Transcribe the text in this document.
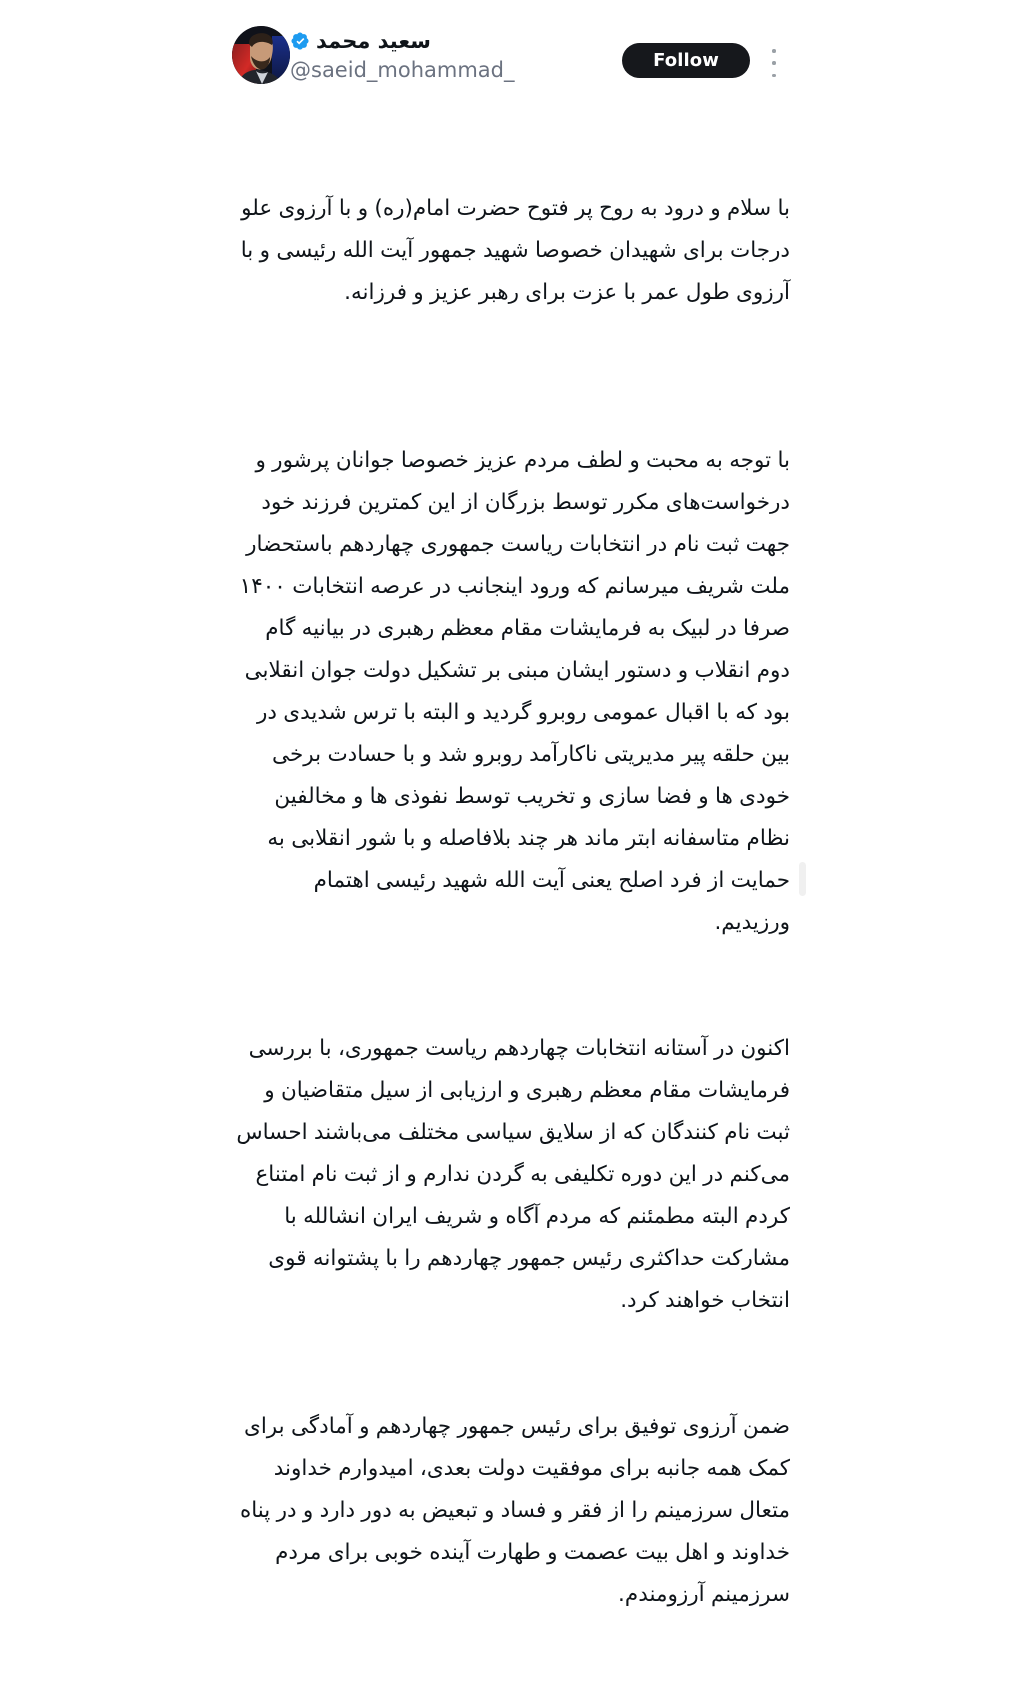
سعید محمد
@saeid_mohammad_	Follow

با سلام و درود به روح پر فتوح حضرت امام(ره) و با آرزوی علو درجات برای شهیدان خصوصا شهید جمهور آیت الله رئیسی و با آرزوی طول عمر با عزت برای رهبر عزیز و فرزانه.

با توجه به محبت و لطف مردم عزیز خصوصا جوانان پرشور و درخواست‌های مکرر توسط بزرگان از این کمترین فرزند خود جهت ثبت نام در انتخابات ریاست جمهوری چهاردهم باستحضار ملت شریف میرسانم که ورود اینجانب در عرصه انتخابات ۱۴۰۰ صرفا در لبیک به فرمایشات مقام معظم رهبری در بیانیه گام دوم انقلاب و دستور ایشان مبنی بر تشکیل دولت جوان انقلابی بود که با اقبال عمومی روبرو گردید و البته با ترس شدیدی در بین حلقه پیر مدیریتی ناکارآمد روبرو شد و با حسادت برخی خودی ها و فضا سازی و تخریب توسط نفوذی ها و مخالفین نظام متاسفانه ابتر ماند هر چند بلافاصله و با شور انقلابی به حمایت از فرد اصلح یعنی آیت الله شهید رئیسی اهتمام ورزیدیم.

اکنون در آستانه انتخابات چهاردهم ریاست جمهوری، با بررسی فرمایشات مقام معظم رهبری و ارزیابی از سیل متقاضیان و ثبت نام کنندگان که از سلایق سیاسی مختلف می‌باشند احساس می‌کنم در این دوره تکلیفی به گردن ندارم و از ثبت نام امتناع کردم البته مطمئنم که مردم آگاه و شریف ایران انشالله با مشارکت حداکثری رئیس جمهور چهاردهم را با پشتوانه قوی انتخاب خواهند کرد.

ضمن آرزوی توفیق برای رئیس جمهور چهاردهم و آمادگی برای کمک همه جانبه برای موفقیت دولت بعدی، امیدوارم خداوند متعال سرزمینم را از فقر و فساد و تبعیض به دور دارد و در پناه خداوند و اهل بیت عصمت و طهارت آینده خوبی برای مردم سرزمینم آرزومندم.
